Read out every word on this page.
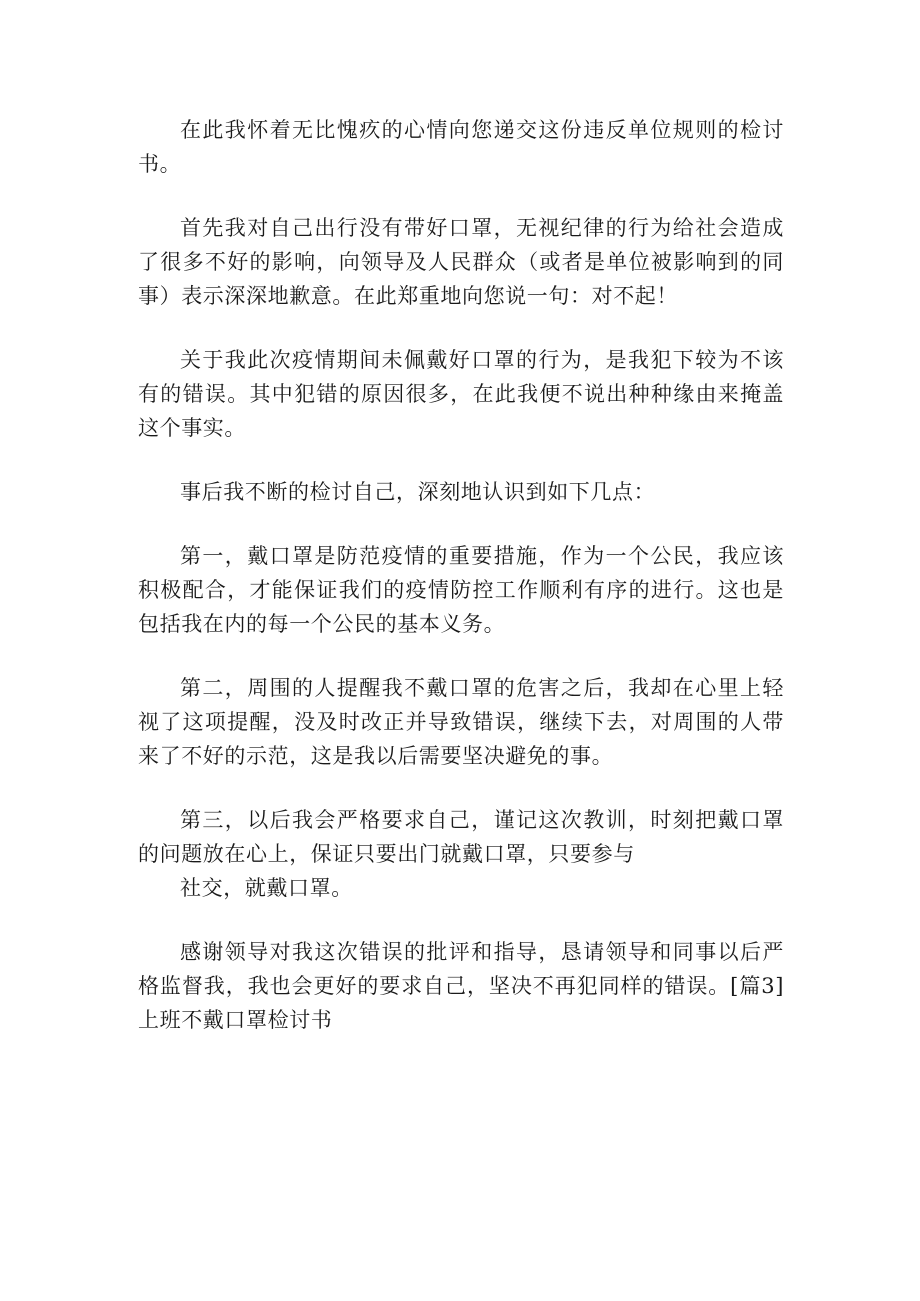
在此我怀着无比愧疚的心情向您递交这份违反单位规则的检讨书。

首先我对自己出行没有带好口罩，无视纪律的行为给社会造成了很多不好的影响，向领导及人民群众（或者是单位被影响到的同事）表示深深地歉意。在此郑重地向您说一句：对不起！

关于我此次疫情期间未佩戴好口罩的行为，是我犯下较为不该有的错误。其中犯错的原因很多，在此我便不说出种种缘由来掩盖这个事实。

事后我不断的检讨自己，深刻地认识到如下几点：

第一，戴口罩是防范疫情的重要措施，作为一个公民，我应该积极配合，才能保证我们的疫情防控工作顺利有序的进行。这也是包括我在内的每一个公民的基本义务。

第二，周围的人提醒我不戴口罩的危害之后，我却在心里上轻视了这项提醒，没及时改正并导致错误，继续下去，对周围的人带来了不好的示范，这是我以后需要坚决避免的事。

第三，以后我会严格要求自己，谨记这次教训，时刻把戴口罩的问题放在心上，保证只要出门就戴口罩，只要参与

社交，就戴口罩。

感谢领导对我这次错误的批评和指导，恳请领导和同事以后严格监督我，我也会更好的要求自己，坚决不再犯同样的错误。[篇3]上班不戴口罩检讨书
